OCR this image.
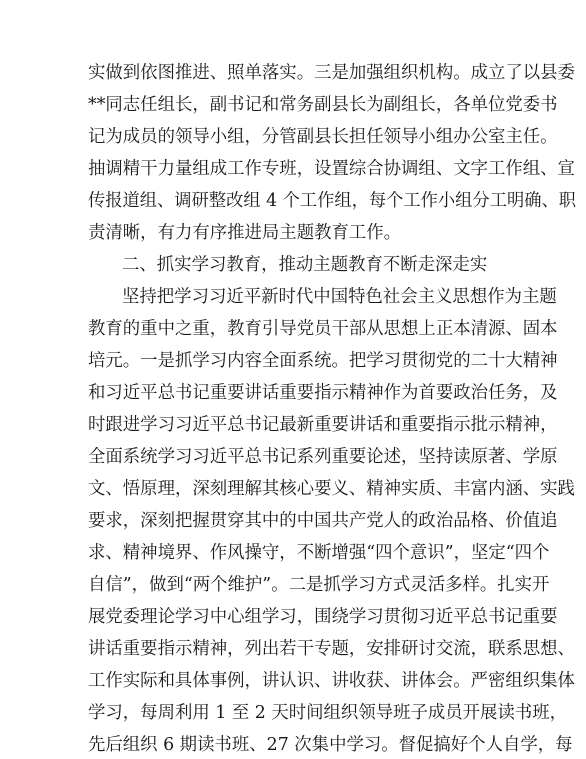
实做到依图推进、照单落实。三是加强组织机构。成立了以县委
**同志任组长，副书记和常务副县长为副组长，各单位党委书
记为成员的领导小组，分管副县长担任领导小组办公室主任。
抽调精干力量组成工作专班，设置综合协调组、文字工作组、宣
传报道组、调研整改组 4 个工作组，每个工作小组分工明确、职
责清晰，有力有序推进局主题教育工作。
二、抓实学习教育，推动主题教育不断走深走实
坚持把学习习近平新时代中国特色社会主义思想作为主题
教育的重中之重，教育引导党员干部从思想上正本清源、固本
培元。一是抓学习内容全面系统。把学习贯彻党的二十大精神
和习近平总书记重要讲话重要指示精神作为首要政治任务，及
时跟进学习习近平总书记最新重要讲话和重要指示批示精神，
全面系统学习习近平总书记系列重要论述，坚持读原著、学原
文、悟原理，深刻理解其核心要义、精神实质、丰富内涵、实践
要求，深刻把握贯穿其中的中国共产党人的政治品格、价值追
求、精神境界、作风操守，不断增强“四个意识”，坚定“四个
自信”，做到“两个维护”。二是抓学习方式灵活多样。扎实开
展党委理论学习中心组学习，围绕学习贯彻习近平总书记重要
讲话重要指示精神，列出若干专题，安排研讨交流，联系思想、
工作实际和具体事例，讲认识、讲收获、讲体会。严密组织集体
学习，每周利用 1 至 2 天时间组织领导班子成员开展读书班，
先后组织 6 期读书班、27 次集中学习。督促搞好个人自学，每
